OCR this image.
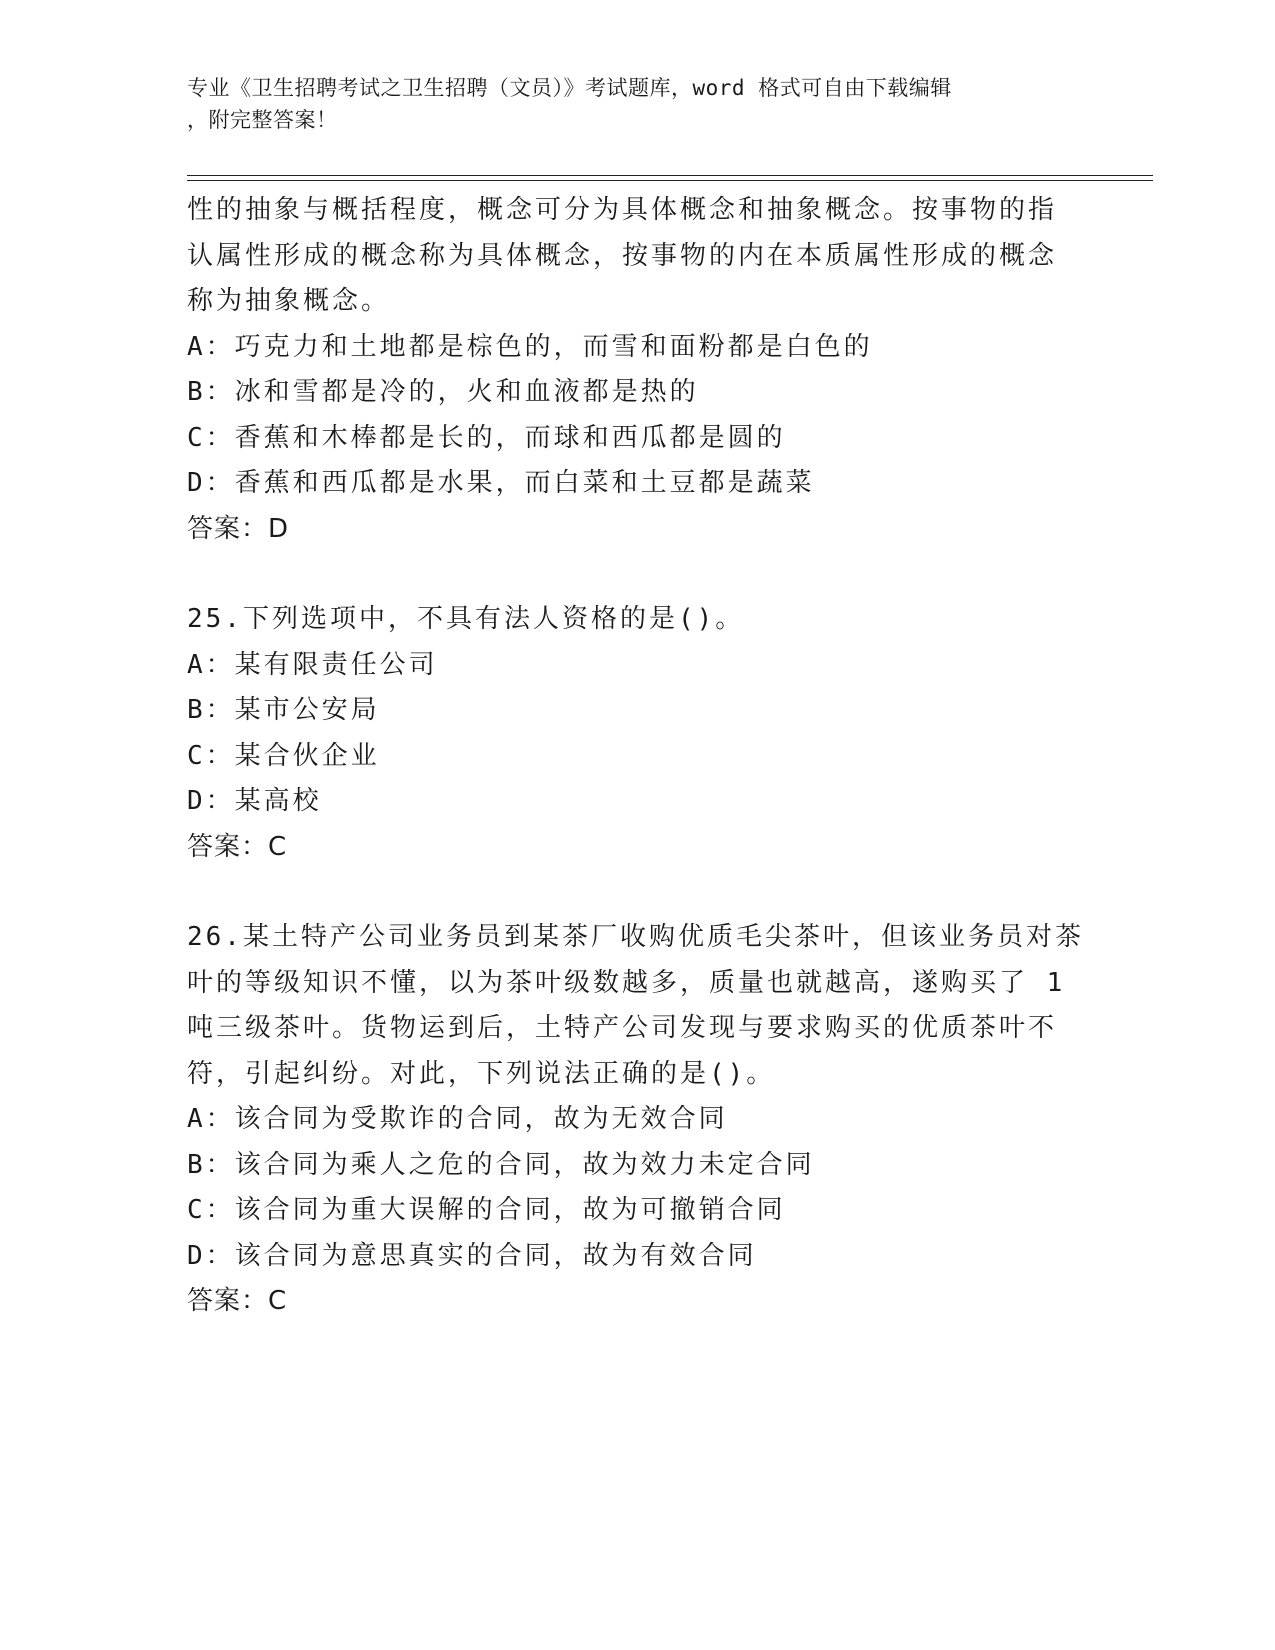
专业《卫生招聘考试之卫生招聘（文员）》考试题库，word 格式可自由下载编辑
，附完整答案！

性的抽象与概括程度，概念可分为具体概念和抽象概念。按事物的指

认属性形成的概念称为具体概念，按事物的内在本质属性形成的概念

称为抽象概念。

A：巧克力和土地都是棕色的，而雪和面粉都是白色的

B：冰和雪都是冷的，火和血液都是热的

C：香蕉和木棒都是长的，而球和西瓜都是圆的

D：香蕉和西瓜都是水果，而白菜和土豆都是蔬菜

答案：D

25.下列选项中，不具有法人资格的是()。

A：某有限责任公司

B：某市公安局

C：某合伙企业

D：某高校

答案：C

26.某土特产公司业务员到某茶厂收购优质毛尖茶叶，但该业务员对茶

叶的等级知识不懂，以为茶叶级数越多，质量也就越高，遂购买了 1

吨三级茶叶。货物运到后，土特产公司发现与要求购买的优质茶叶不

符，引起纠纷。对此，下列说法正确的是()。

A：该合同为受欺诈的合同，故为无效合同

B：该合同为乘人之危的合同，故为效力未定合同

C：该合同为重大误解的合同，故为可撤销合同

D：该合同为意思真实的合同，故为有效合同

答案：C
